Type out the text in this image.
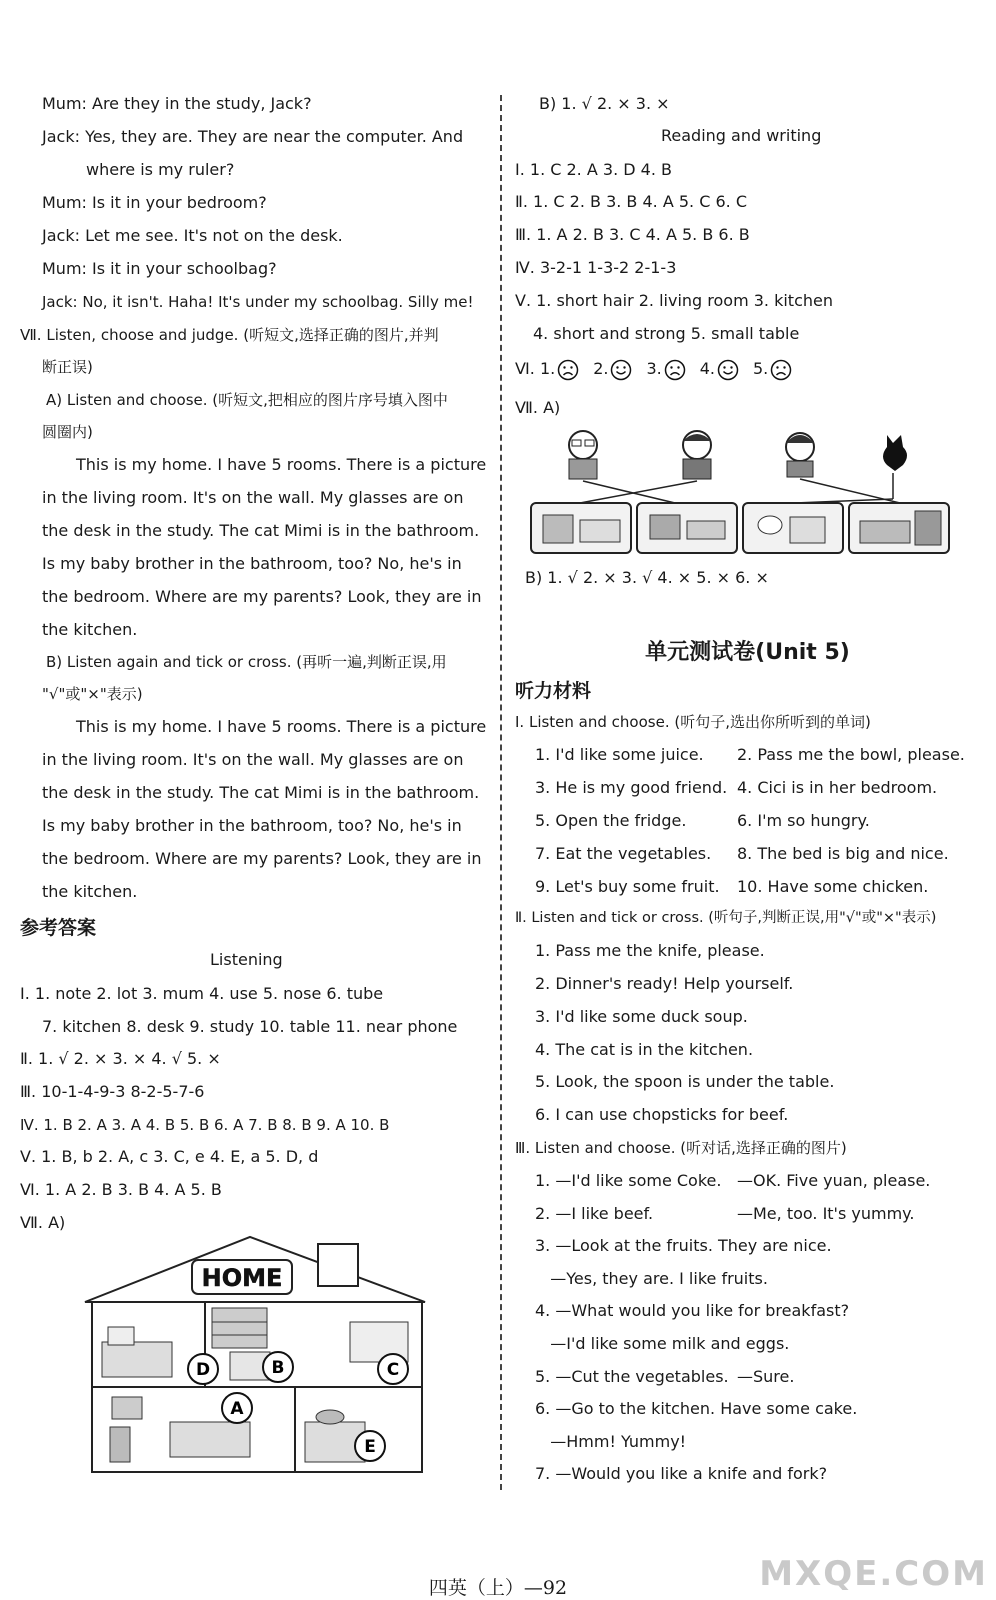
Mum: Are they in the study, Jack?
Jack: Yes, they are. They are near the computer. And
where is my ruler?
Mum: Is it in your bedroom?
Jack: Let me see. It's not on the desk.
Mum: Is it in your schoolbag?
Jack: No, it isn't. Haha! It's under my schoolbag. Silly me!
Ⅶ. Listen, choose and judge. (听短文,选择正确的图片,并判
断正误)
A) Listen and choose. (听短文,把相应的图片序号填入图中
圆圈内)
This is my home. I have 5 rooms. There is a picture
in the living room. It's on the wall. My glasses are on
the desk in the study. The cat Mimi is in the bathroom.
Is my baby brother in the bathroom, too? No, he's in
the bedroom. Where are my parents? Look, they are in
the kitchen.
B) Listen again and tick or cross. (再听一遍,判断正误,用
"√"或"×"表示)
This is my home. I have 5 rooms. There is a picture
in the living room. It's on the wall. My glasses are on
the desk in the study. The cat Mimi is in the bathroom.
Is my baby brother in the bathroom, too? No, he's in
the bedroom. Where are my parents? Look, they are in
the kitchen.
参考答案
Listening
Ⅰ. 1. note 2. lot 3. mum 4. use 5. nose 6. tube
7. kitchen 8. desk 9. study 10. table 11. near phone
Ⅱ. 1. √ 2. × 3. × 4. √ 5. ×
Ⅲ. 10-1-4-9-3 8-2-5-7-6
Ⅳ. 1. B 2. A 3. A 4. B 5. B 6. A 7. B 8. B 9. A 10. B
Ⅴ. 1. B, b 2. A, c 3. C, e 4. E, a 5. D, d
Ⅵ. 1. A 2. B 3. B 4. A 5. B
Ⅶ. A)
HOME
D	B	C
A
E
B) 1. √ 2. × 3. ×
Reading and writing
Ⅰ. 1. C 2. A 3. D 4. B
Ⅱ. 1. C 2. B 3. B 4. A 5. C 6. C
Ⅲ. 1. A 2. B 3. C 4. A 5. B 6. B
Ⅳ. 3-2-1 1-3-2 2-1-3
Ⅴ. 1. short hair 2. living room 3. kitchen
4. short and strong 5. small table
Ⅵ. 1. 2. 3. 4. 5.
Ⅶ. A)
B) 1. √ 2. × 3. √ 4. × 5. × 6. ×
单元测试卷(Unit 5)
听力材料
Ⅰ. Listen and choose. (听句子,选出你所听到的单词)
1. I'd like some juice. 2. Pass me the bowl, please.
3. He is my good friend. 4. Cici is in her bedroom.
5. Open the fridge.	6. I'm so hungry.
7. Eat the vegetables. 8. The bed is big and nice.
9. Let's buy some fruit. 10. Have some chicken.
Ⅱ. Listen and tick or cross. (听句子,判断正误,用"√"或"×"表示)
1. Pass me the knife, please.
2. Dinner's ready! Help yourself.
3. I'd like some duck soup.
4. The cat is in the kitchen.
5. Look, the spoon is under the table.
6. I can use chopsticks for beef.
Ⅲ. Listen and choose. (听对话,选择正确的图片)
1. —I'd like some Coke. —OK. Five yuan, please.
2. —I like beef.	—Me, too. It's yummy.
3. —Look at the fruits. They are nice.
—Yes, they are. I like fruits.
4. —What would you like for breakfast?
—I'd like some milk and eggs.
5. —Cut the vegetables. —Sure.
6. —Go to the kitchen. Have some cake.
—Hmm! Yummy!
7. —Would you like a knife and fork?
四英（上）—92	MXQE.COM
